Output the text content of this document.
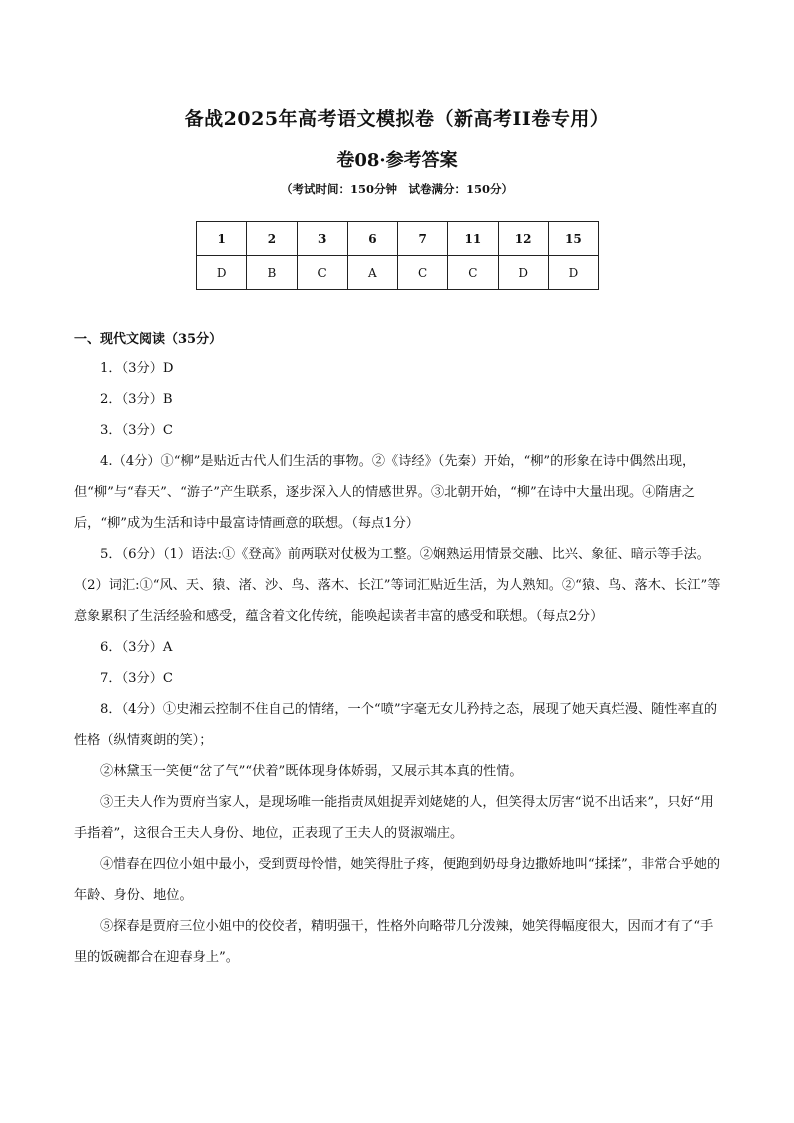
备战2025年高考语文模拟卷（新高考II卷专用）
卷08·参考答案
（考试时间：150分钟　试卷满分：150分）
1	2	3	6	7	11	12	15
D	B	C	A	C	C	D	D
一、现代文阅读（35分）

1．（3分）D

2．（3分）B

3．（3分）C

4.（4分）①“柳”是贴近古代人们生活的事物。②《诗经》（先秦）开始，“柳”的形象在诗中偶然出现，但“柳”与“春天”、“游子”产生联系，逐步深入人的情感世界。③北朝开始，“柳”在诗中大量出现。④隋唐之后，“柳”成为生活和诗中最富诗情画意的联想。（每点1分）

5．（6分）（1）语法:①《登高》前两联对仗极为工整。②娴熟运用情景交融、比兴、象征、暗示等手法。（2）词汇:①“风、天、猿、渚、沙、鸟、落木、长江”等词汇贴近生活，为人熟知。②“猿、鸟、落木、长江”等意象累积了生活经验和感受，蕴含着文化传统，能唤起读者丰富的感受和联想。（每点2分）

6．（3分）A

7．（3分）C

8．（4分）①史湘云控制不住自己的情绪，一个“喷”字毫无女儿矜持之态，展现了她天真烂漫、随性率直的性格（纵情爽朗的笑）；

②林黛玉一笑便“岔了气”“伏着”既体现身体娇弱，又展示其本真的性情。

③王夫人作为贾府当家人，是现场唯一能指责凤姐捉弄刘姥姥的人，但笑得太厉害“说不出话来”，只好“用手指着”，这很合王夫人身份、地位，正表现了王夫人的贤淑端庄。

④惜春在四位小姐中最小，受到贾母怜惜，她笑得肚子疼，便跑到奶母身边撒娇地叫“揉揉”，非常合乎她的年龄、身份、地位。

⑤探春是贾府三位小姐中的佼佼者，精明强干，性格外向略带几分泼辣，她笑得幅度很大，因而才有了“手里的饭碗都合在迎春身上”。
